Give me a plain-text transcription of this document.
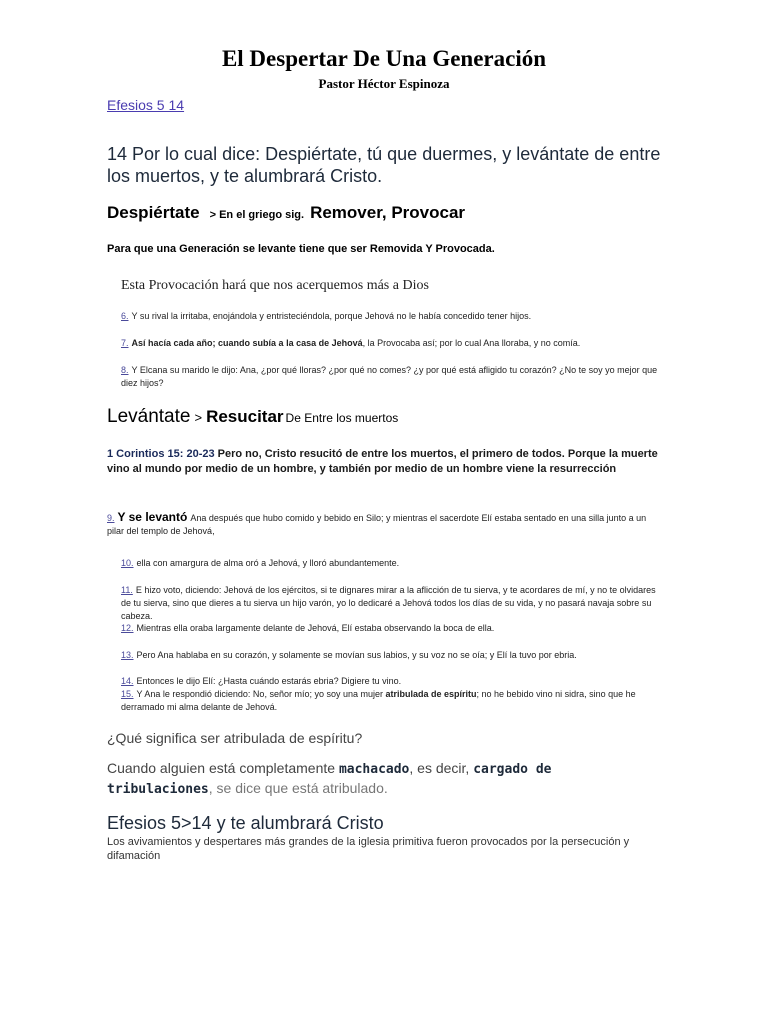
El Despertar De Una Generación
Pastor Héctor Espinoza
Efesios 5 14
14 Por lo cual dice: Despiértate, tú que duermes, y levántate de entre los muertos, y te alumbrará Cristo.
Despiértate > En el griego sig. Remover, Provocar
Para que una Generación se levante tiene que ser Removida Y Provocada.
Esta Provocación hará que nos acerquemos más a Dios
6. Y su rival la irritaba, enojándola y entristeciéndola, porque Jehová no le había concedido tener hijos.
7. Así hacía cada año; cuando subía a la casa de Jehová, la Provocaba así; por lo cual Ana lloraba, y no comía.
8. Y Elcana su marido le dijo: Ana, ¿por qué lloras? ¿por qué no comes? ¿y por qué está afligido tu corazón? ¿No te soy yo mejor que diez hijos?
Levántate > Resucitar De Entre los muertos
1 Corintios 15: 20-23 Pero no, Cristo resucitó de entre los muertos, el primero de todos. Porque la muerte vino al mundo por medio de un hombre, y también por medio de un hombre viene la resurrección
9. Y se levantó Ana después que hubo comido y bebido en Silo; y mientras el sacerdote Elí estaba sentado en una silla junto a un pilar del templo de Jehová,
10. ella con amargura de alma oró a Jehová, y lloró abundantemente.
11. E hizo voto, diciendo: Jehová de los ejércitos, si te dignares mirar a la aflicción de tu sierva, y te acordares de mí, y no te olvidares de tu sierva, sino que dieres a tu sierva un hijo varón, yo lo dedicaré a Jehová todos los días de su vida, y no pasará navaja sobre su cabeza.
12. Mientras ella oraba largamente delante de Jehová, Elí estaba observando la boca de ella.
13. Pero Ana hablaba en su corazón, y solamente se movían sus labios, y su voz no se oía; y Elí la tuvo por ebria.
14. Entonces le dijo Elí: ¿Hasta cuándo estarás ebria? Digiere tu vino.
15. Y Ana le respondió diciendo: No, señor mío; yo soy una mujer atribulada de espíritu; no he bebido vino ni sidra, sino que he derramado mi alma delante de Jehová.
¿Qué significa ser atribulada de espíritu?
Cuando alguien está completamente machacado, es decir, cargado de tribulaciones, se dice que está atribulado.
Efesios 5>14 y te alumbrará Cristo
Los avivamientos y despertares más grandes de la iglesia primitiva fueron provocados por la persecución y difamación
